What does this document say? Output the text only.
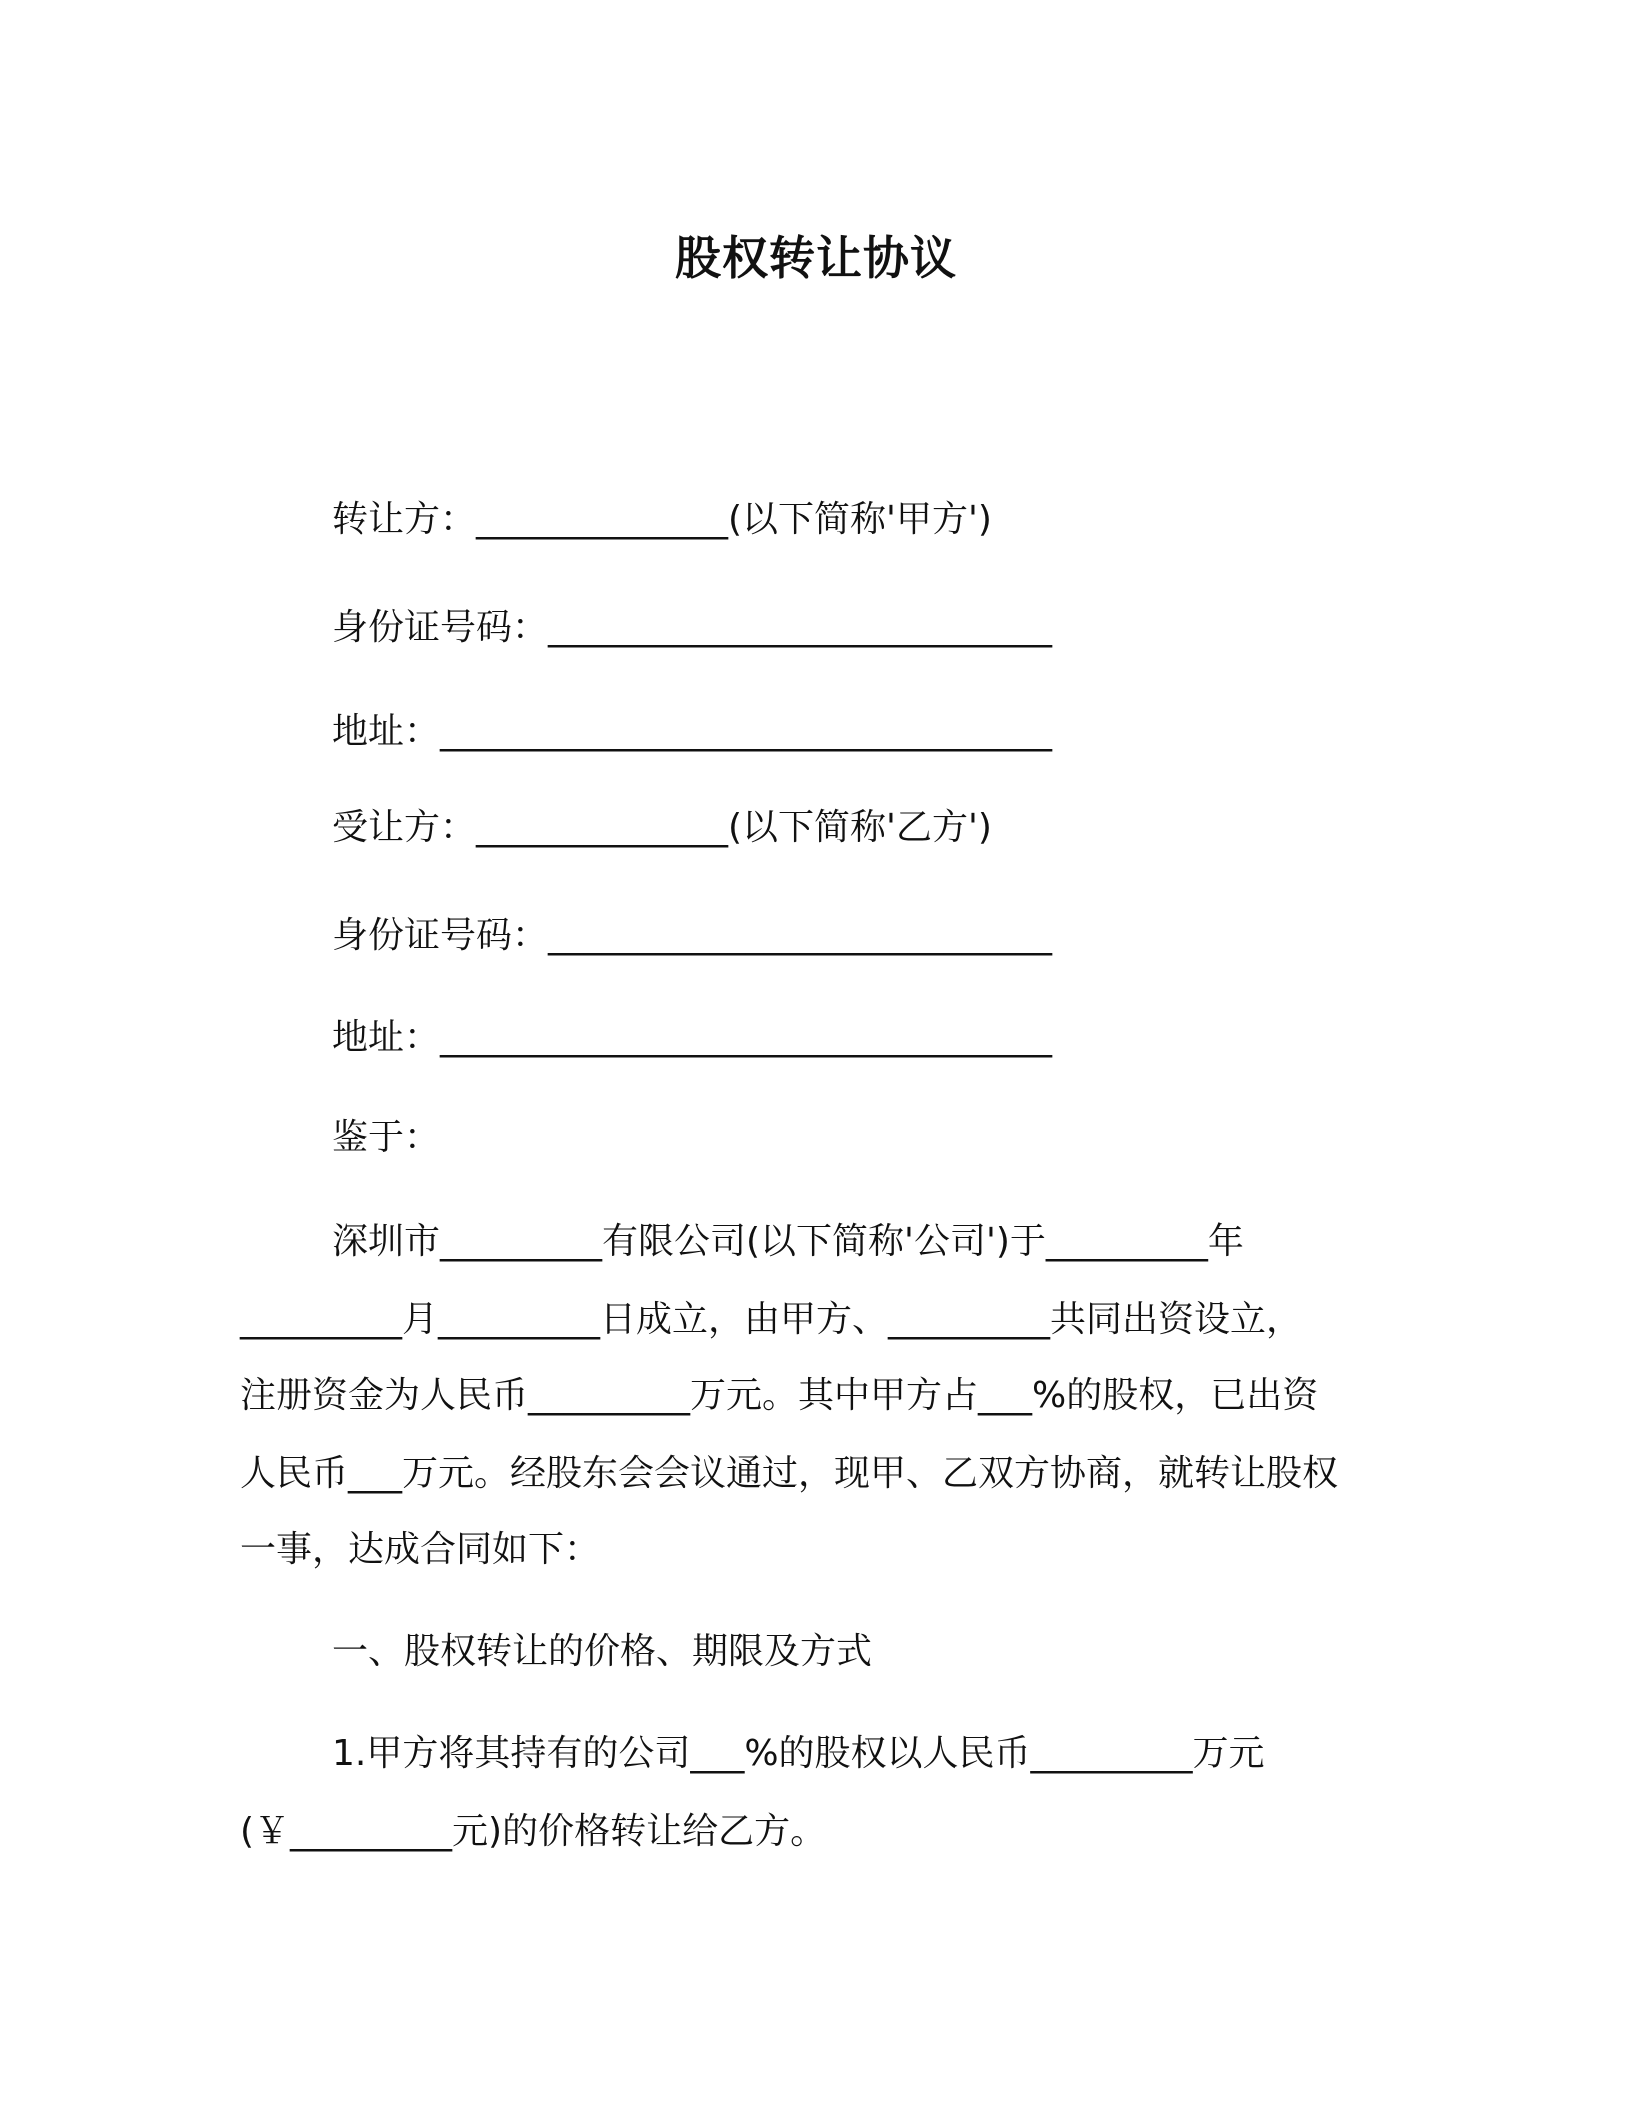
股权转让协议
转让方：______________(以下简称'甲方')
身份证号码：____________________________
地址：__________________________________
受让方：______________(以下简称'乙方')
身份证号码：____________________________
地址：__________________________________
鉴于：
深圳市_________有限公司(以下简称'公司')于_________年
_________月_________日成立，由甲方、_________共同出资设立，
注册资金为人民币_________万元。其中甲方占___%的股权，已出资
人民币___万元。经股东会会议通过，现甲、乙双方协商，就转让股权
一事，达成合同如下：
一、股权转让的价格、期限及方式
1.甲方将其持有的公司___%的股权以人民币_________万元
(￥_________元)的价格转让给乙方。
